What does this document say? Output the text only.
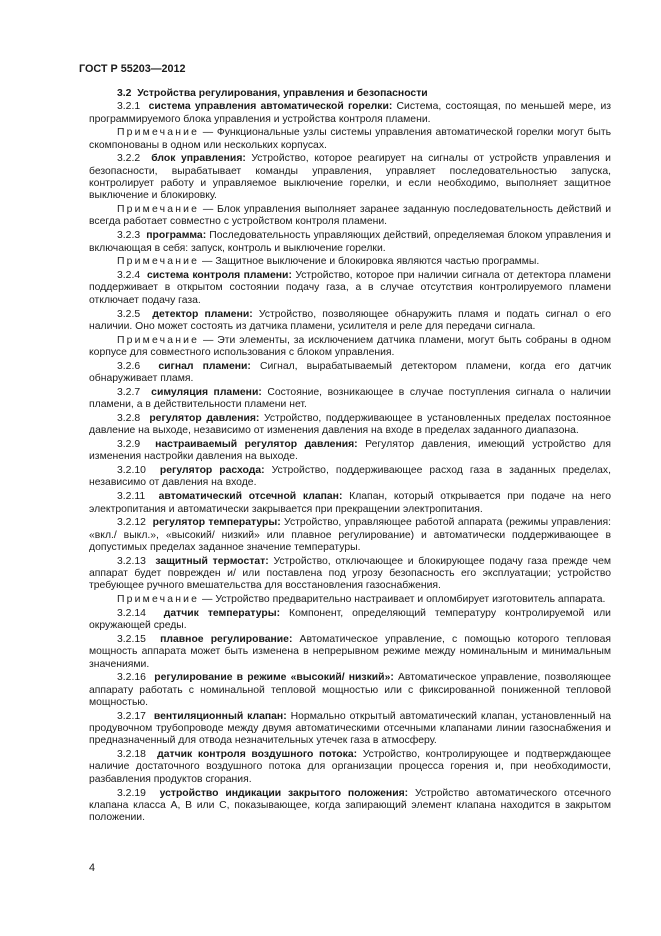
ГОСТ Р 55203—2012
3.2 Устройства регулирования, управления и безопасности
3.2.1 система управления автоматической горелки: Система, состоящая, по меньшей мере, из программируемого блока управления и устройства контроля пламени.
Примечание — Функциональные узлы системы управления автоматической горелки могут быть скомпонованы в одном или нескольких корпусах.
3.2.2 блок управления: Устройство, которое реагирует на сигналы от устройств управления и безопасности, вырабатывает команды управления, управляет последовательностью запуска, контролирует работу и управляемое выключение горелки, и если необходимо, выполняет защитное выключение и блокировку.
Примечание — Блок управления выполняет заранее заданную последовательность действий и всегда работает совместно с устройством контроля пламени.
3.2.3 программа: Последовательность управляющих действий, определяемая блоком управления и включающая в себя: запуск, контроль и выключение горелки.
Примечание — Защитное выключение и блокировка являются частью программы.
3.2.4 система контроля пламени: Устройство, которое при наличии сигнала от детектора пламени поддерживает в открытом состоянии подачу газа, а в случае отсутствия контролируемого пламени отключает подачу газа.
3.2.5 детектор пламени: Устройство, позволяющее обнаружить пламя и подать сигнал о его наличии. Оно может состоять из датчика пламени, усилителя и реле для передачи сигнала.
Примечание — Эти элементы, за исключением датчика пламени, могут быть собраны в одном корпусе для совместного использования с блоком управления.
3.2.6 сигнал пламени: Сигнал, вырабатываемый детектором пламени, когда его датчик обнаруживает пламя.
3.2.7 симуляция пламени: Состояние, возникающее в случае поступления сигнала о наличии пламени, а в действительности пламени нет.
3.2.8 регулятор давления: Устройство, поддерживающее в установленных пределах постоянное давление на выходе, независимо от изменения давления на входе в пределах заданного диапазона.
3.2.9 настраиваемый регулятор давления: Регулятор давления, имеющий устройство для изменения настройки давления на выходе.
3.2.10 регулятор расхода: Устройство, поддерживающее расход газа в заданных пределах, независимо от давления на входе.
3.2.11 автоматический отсечной клапан: Клапан, который открывается при подаче на него электропитания и автоматически закрывается при прекращении электропитания.
3.2.12 регулятор температуры: Устройство, управляющее работой аппарата (режимы управления: «вкл./ выкл.», «высокий/ низкий» или плавное регулирование) и автоматически поддерживающее в допустимых пределах заданное значение температуры.
3.2.13 защитный термостат: Устройство, отключающее и блокирующее подачу газа прежде чем аппарат будет поврежден и/ или поставлена под угрозу безопасность его эксплуатации; устройство требующее ручного вмешательства для восстановления газоснабжения.
Примечание — Устройство предварительно настраивает и опломбирует изготовитель аппарата.
3.2.14 датчик температуры: Компонент, определяющий температуру контролируемой или окружающей среды.
3.2.15 плавное регулирование: Автоматическое управление, с помощью которого тепловая мощность аппарата может быть изменена в непрерывном режиме между номинальным и минимальным значениями.
3.2.16 регулирование в режиме «высокий/ низкий»: Автоматическое управление, позволяющее аппарату работать с номинальной тепловой мощностью или с фиксированной пониженной тепловой мощностью.
3.2.17 вентиляционный клапан: Нормально открытый автоматический клапан, установленный на продувочном трубопроводе между двумя автоматическими отсечными клапанами линии газоснабжения и предназначенный для отвода незначительных утечек газа в атмосферу.
3.2.18 датчик контроля воздушного потока: Устройство, контролирующее и подтверждающее наличие достаточного воздушного потока для организации процесса горения и, при необходимости, разбавления продуктов сгорания.
3.2.19 устройство индикации закрытого положения: Устройство автоматического отсечного клапана класса А, В или С, показывающее, когда запирающий элемент клапана находится в закрытом положении.
4
